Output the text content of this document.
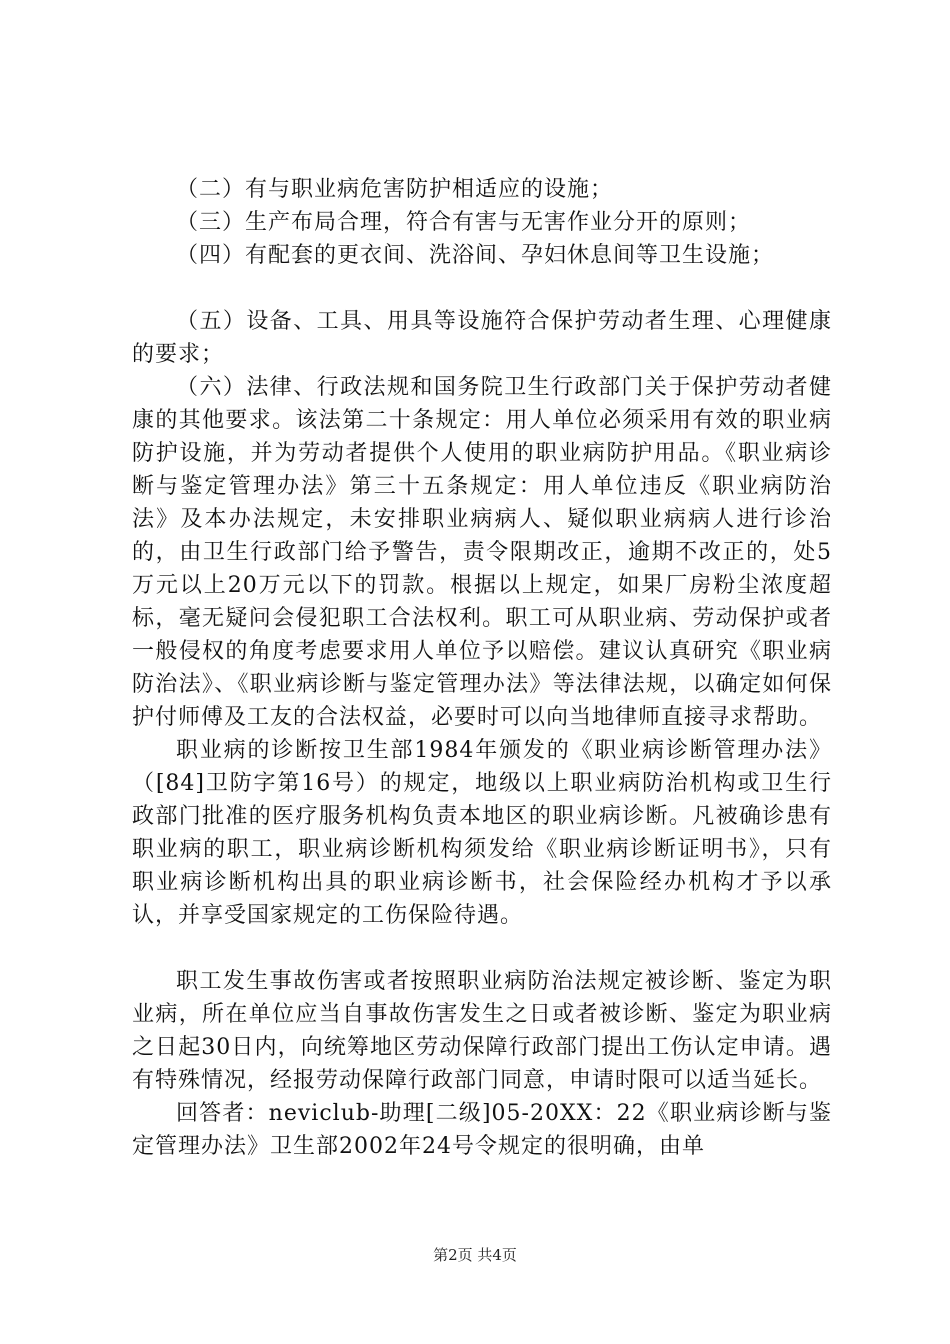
（二）有与职业病危害防护相适应的设施；

（三）生产布局合理，符合有害与无害作业分开的原则；

（四）有配套的更衣间、洗浴间、孕妇休息间等卫生设施；

（五）设备、工具、用具等设施符合保护劳动者生理、心理健康的要求；

（六）法律、行政法规和国务院卫生行政部门关于保护劳动者健康的其他要求。该法第二十条规定：用人单位必须采用有效的职业病防护设施，并为劳动者提供个人使用的职业病防护用品。《职业病诊断与鉴定管理办法》第三十五条规定：用人单位违反《职业病防治法》及本办法规定，未安排职业病病人、疑似职业病病人进行诊治的，由卫生行政部门给予警告，责令限期改正，逾期不改正的，处5万元以上20万元以下的罚款。根据以上规定，如果厂房粉尘浓度超标，毫无疑问会侵犯职工合法权利。职工可从职业病、劳动保护或者一般侵权的角度考虑要求用人单位予以赔偿。建议认真研究《职业病防治法》、《职业病诊断与鉴定管理办法》等法律法规，以确定如何保护付师傅及工友的合法权益，必要时可以向当地律师直接寻求帮助。

职业病的诊断按卫生部1984年颁发的《职业病诊断管理办法》（[84]卫防字第16号）的规定，地级以上职业病防治机构或卫生行政部门批准的医疗服务机构负责本地区的职业病诊断。凡被确诊患有职业病的职工，职业病诊断机构须发给《职业病诊断证明书》，只有职业病诊断机构出具的职业病诊断书，社会保险经办机构才予以承认，并享受国家规定的工伤保险待遇。

职工发生事故伤害或者按照职业病防治法规定被诊断、鉴定为职业病，所在单位应当自事故伤害发生之日或者被诊断、鉴定为职业病之日起30日内，向统筹地区劳动保障行政部门提出工伤认定申请。遇有特殊情况，经报劳动保障行政部门同意，申请时限可以适当延长。

回答者：neviclub-助理[二级]05-20XX：22《职业病诊断与鉴定管理办法》卫生部2002年24号令规定的很明确，由单

第2页 共4页
